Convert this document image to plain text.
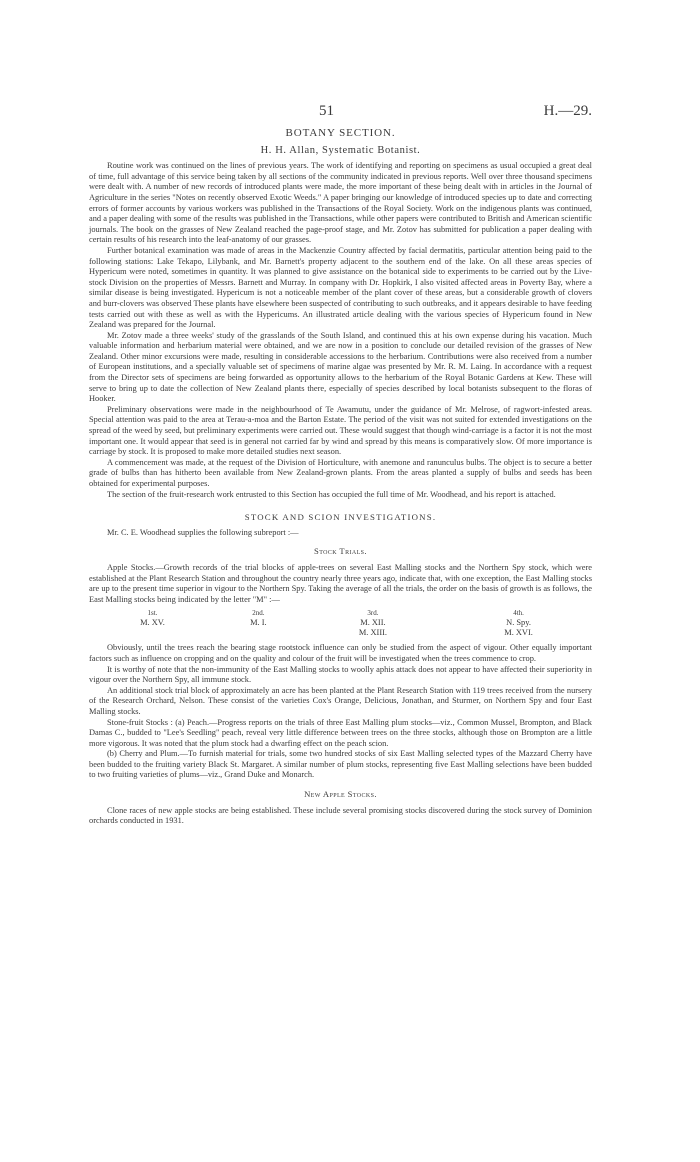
51	H.—29.
BOTANY SECTION.
H. H. Allan, Systematic Botanist.

Routine work was continued on the lines of previous years. The work of identifying and reporting on specimens as usual occupied a great deal of time, full advantage of this service being taken by all sections of the community indicated in previous reports. Well over three thousand specimens were dealt with. A number of new records of introduced plants were made, the more important of these being dealt with in articles in the Journal of Agriculture in the series "Notes on recently observed Exotic Weeds." A paper bringing our knowledge of introduced species up to date and correcting errors of former accounts by various workers was published in the Transactions of the Royal Society. Work on the indigenous plants was continued, and a paper dealing with some of the results was published in the Transactions, while other papers were contributed to British and American scientific journals. The book on the grasses of New Zealand reached the page-proof stage, and Mr. Zotov has submitted for publication a paper dealing with certain results of his research into the leaf-anatomy of our grasses.

Further botanical examination was made of areas in the Mackenzie Country affected by facial dermatitis, particular attention being paid to the following stations: Lake Tekapo, Lilybank, and Mr. Barnett's property adjacent to the southern end of the lake. On all these areas species of Hypericum were noted, sometimes in quantity. It was planned to give assistance on the botanical side to experiments to be carried out by the Live-stock Division on the properties of Messrs. Barnett and Murray. In company with Dr. Hopkirk, I also visited affected areas in Poverty Bay, where a similar disease is being investigated. Hypericum is not a noticeable member of the plant cover of these areas, but a considerable growth of clovers and burr-clovers was observed These plants have elsewhere been suspected of contributing to such outbreaks, and it appears desirable to have feeding tests carried out with these as well as with the Hypericums. An illustrated article dealing with the various species of Hypericum found in New Zealand was prepared for the Journal.

Mr. Zotov made a three weeks' study of the grasslands of the South Island, and continued this at his own expense during his vacation. Much valuable information and herbarium material were obtained, and we are now in a position to conclude our detailed revision of the grasses of New Zealand. Other minor excursions were made, resulting in considerable accessions to the herbarium. Contributions were also received from a number of European institutions, and a specially valuable set of specimens of marine algae was presented by Mr. R. M. Laing. In accordance with a request from the Director sets of specimens are being forwarded as opportunity allows to the herbarium of the Royal Botanic Gardens at Kew. These will serve to bring up to date the collection of New Zealand plants there, especially of species described by local botanists subsequent to the floras of Hooker.

Preliminary observations were made in the neighbourhood of Te Awamutu, under the guidance of Mr. Melrose, of ragwort-infested areas. Special attention was paid to the area at Terau-a-moa and the Barton Estate. The period of the visit was not suited for extended investigations on the spread of the weed by seed, but preliminary experiments were carried out. These would suggest that though wind-carriage is a factor it is not the most important one. It would appear that seed is in general not carried far by wind and spread by this means is comparatively slow. Of more importance is carriage by stock. It is proposed to make more detailed studies next season.

A commencement was made, at the request of the Division of Horticulture, with anemone and ranunculus bulbs. The object is to secure a better grade of bulbs than has hitherto been available from New Zealand-grown plants. From the areas planted a supply of bulbs and seeds has been obtained for experimental purposes.

The section of the fruit-research work entrusted to this Section has occupied the full time of Mr. Woodhead, and his report is attached.

STOCK AND SCION INVESTIGATIONS.

Mr. C. E. Woodhead supplies the following subreport :—

Stock Trials.

Apple Stocks.—Growth records of the trial blocks of apple-trees on several East Malling stocks and the Northern Spy stock, which were established at the Plant Research Station and throughout the country nearly three years ago, indicate that, with one exception, the East Malling stocks are up to the present time superior in vigour to the Northern Spy. Taking the average of all the trials, the order on the basis of growth is as follows, the East Malling stocks being indicated by the letter "M" :—

1st.	2nd.	3rd.	4th.
M. XV.	M. I.	M. XII.	N. Spy.
		M. XIII.	M. XVI.

Obviously, until the trees reach the bearing stage rootstock influence can only be studied from the aspect of vigour. Other equally important factors such as influence on cropping and on the quality and colour of the fruit will be investigated when the trees commence to crop.

It is worthy of note that the non-immunity of the East Malling stocks to woolly aphis attack does not appear to have affected their superiority in vigour over the Northern Spy, all immune stock.

An additional stock trial block of approximately an acre has been planted at the Plant Research Station with 119 trees received from the nursery of the Research Orchard, Nelson. These consist of the varieties Cox's Orange, Delicious, Jonathan, and Sturmer, on Northern Spy and four East Malling stocks.

Stone-fruit Stocks : (a) Peach.—Progress reports on the trials of three East Malling plum stocks—viz., Common Mussel, Brompton, and Black Damas C., budded to "Lee's Seedling" peach, reveal very little difference between trees on the three stocks, although those on Brompton are a little more vigorous. It was noted that the plum stock had a dwarfing effect on the peach scion.

(b) Cherry and Plum.—To furnish material for trials, some two hundred stocks of six East Malling selected types of the Mazzard Cherry have been budded to the fruiting variety Black St. Margaret. A similar number of plum stocks, representing five East Malling selections have been budded to two fruiting varieties of plums—viz., Grand Duke and Monarch.

New Apple Stocks.

Clone races of new apple stocks are being established. These include several promising stocks discovered during the stock survey of Dominion orchards conducted in 1931.
